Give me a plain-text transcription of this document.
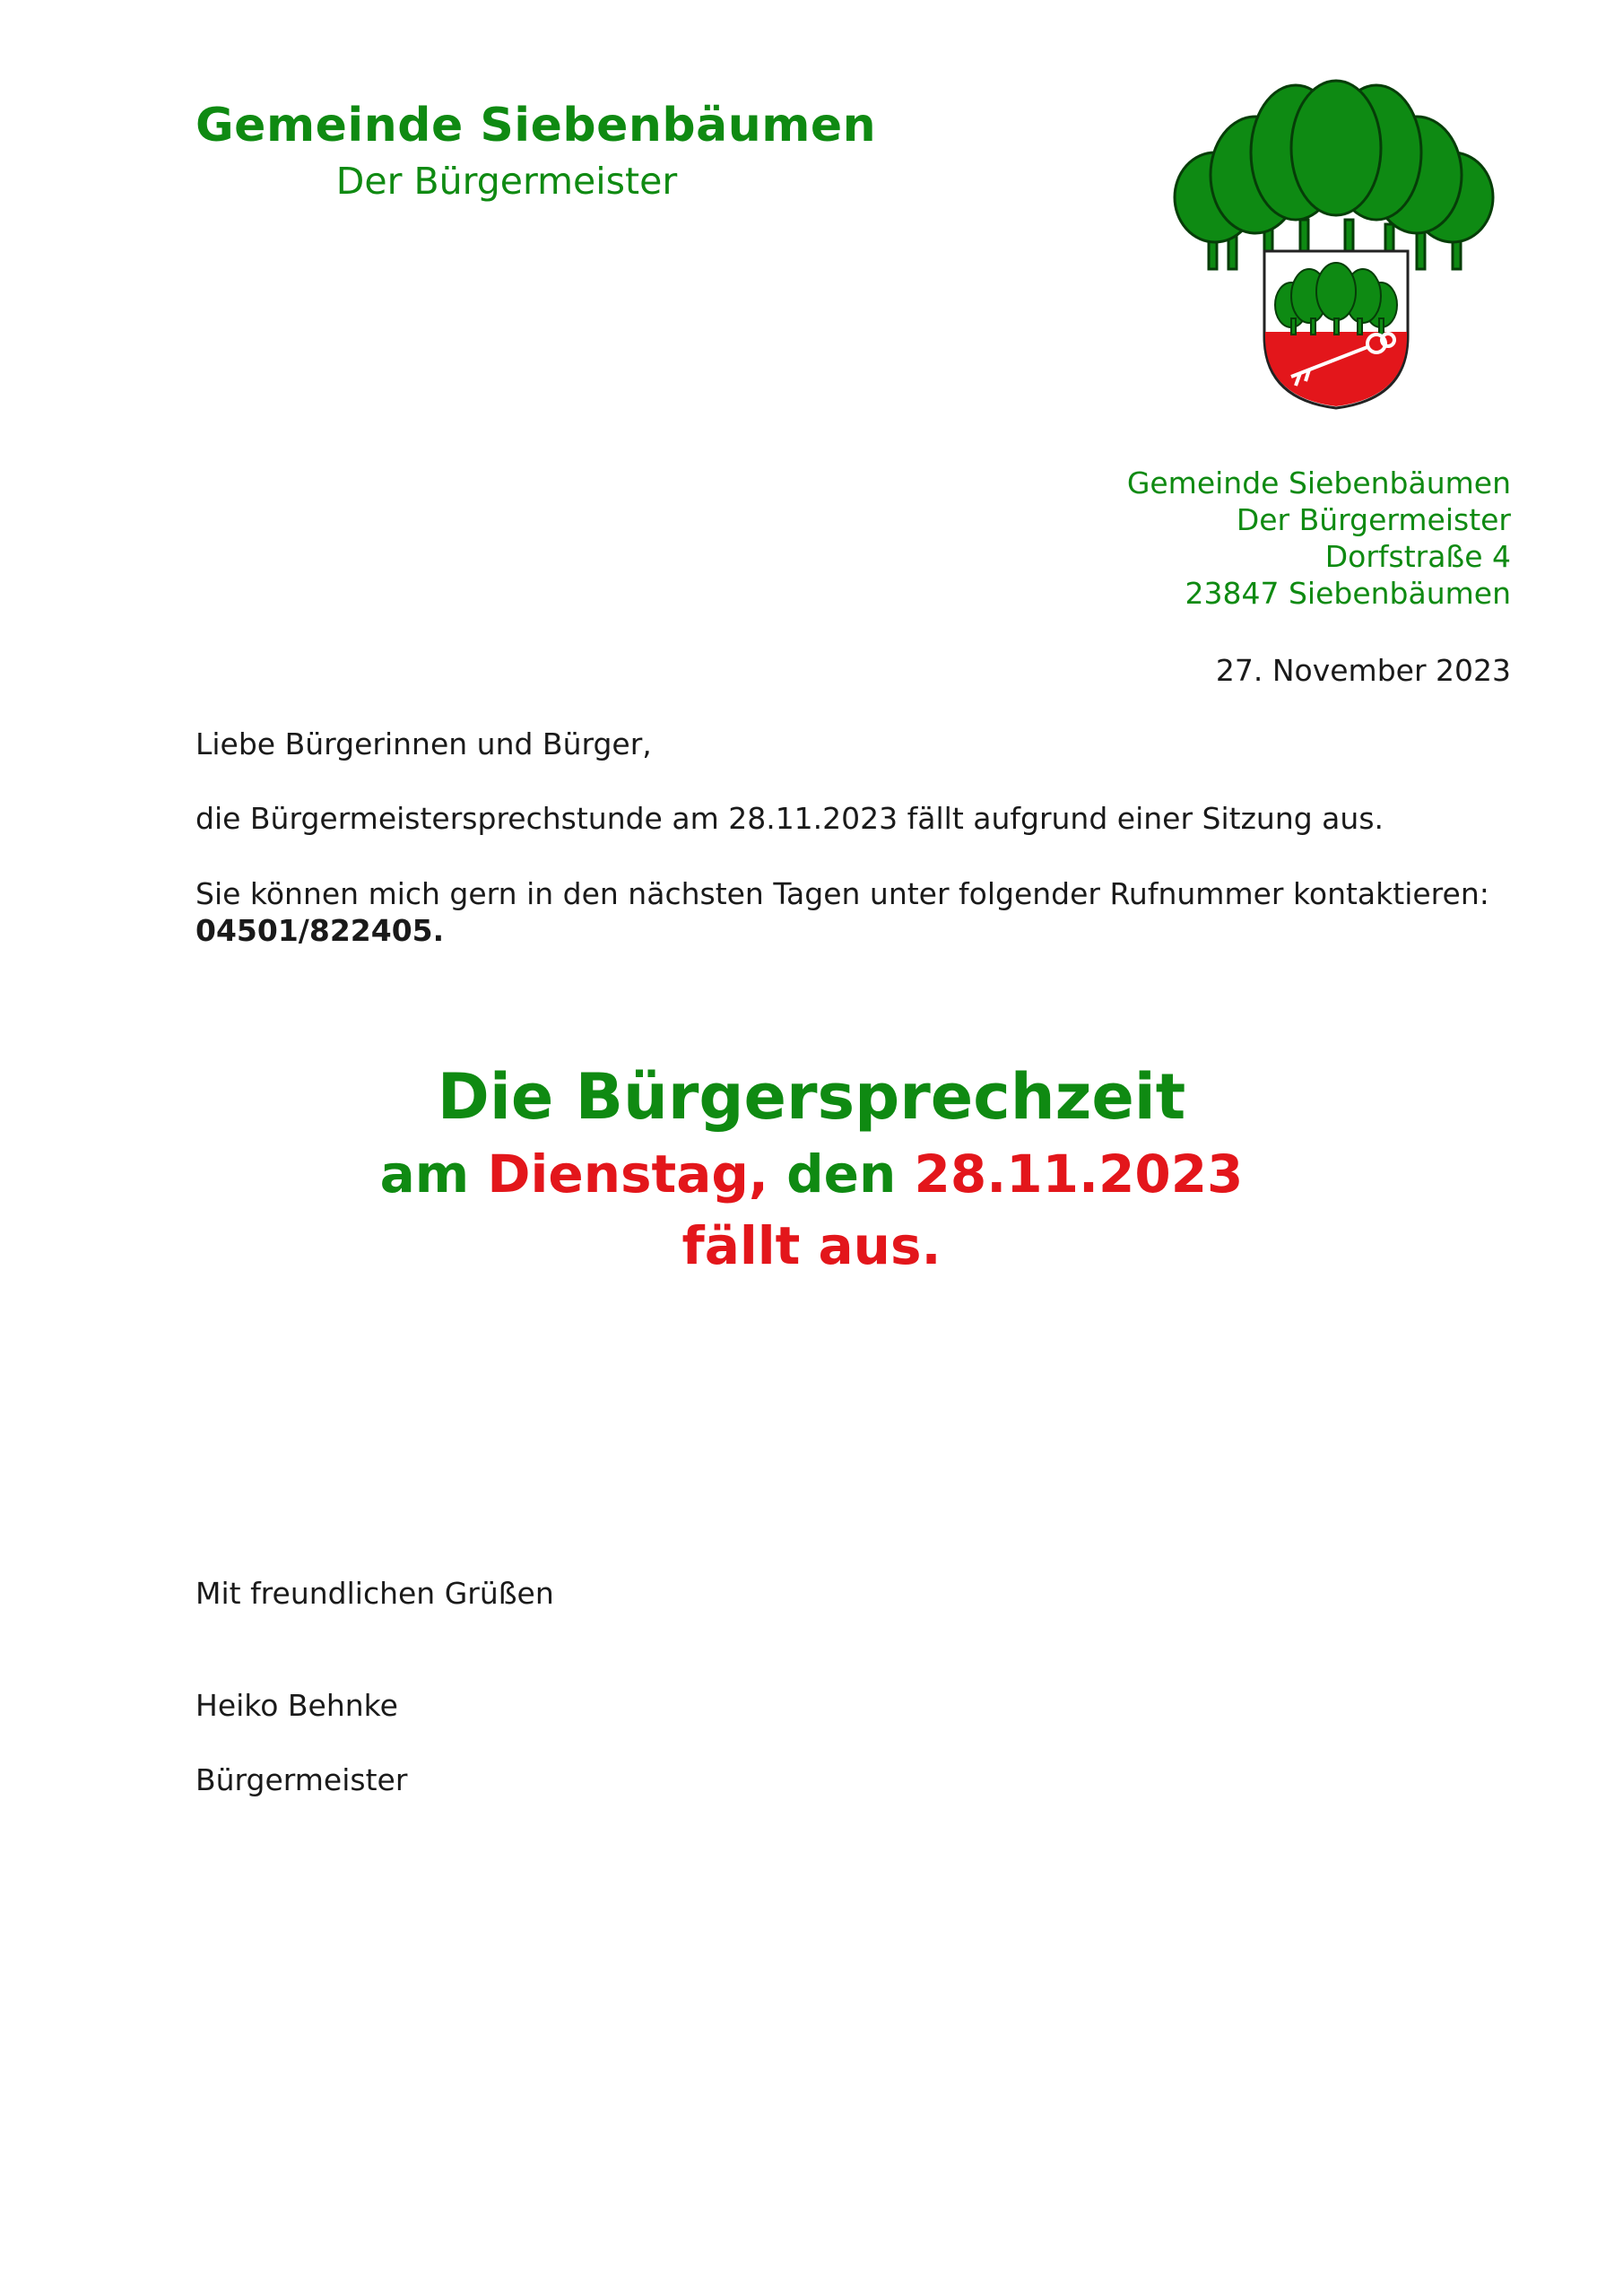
Gemeinde Siebenbäumen
Der Bürgermeister
Gemeinde Siebenbäumen
Der Bürgermeister
Dorfstraße 4
23847 Siebenbäumen
27. November 2023
Liebe Bürgerinnen und Bürger,
die Bürgermeistersprechstunde am 28.11.2023 fällt aufgrund einer Sitzung aus.
Sie können mich gern in den nächsten Tagen unter folgender Rufnummer kontaktieren:
04501/822405.
Die Bürgersprechzeit
am Dienstag, den 28.11.2023
fällt aus.
Mit freundlichen Grüßen
Heiko Behnke
Bürgermeister
